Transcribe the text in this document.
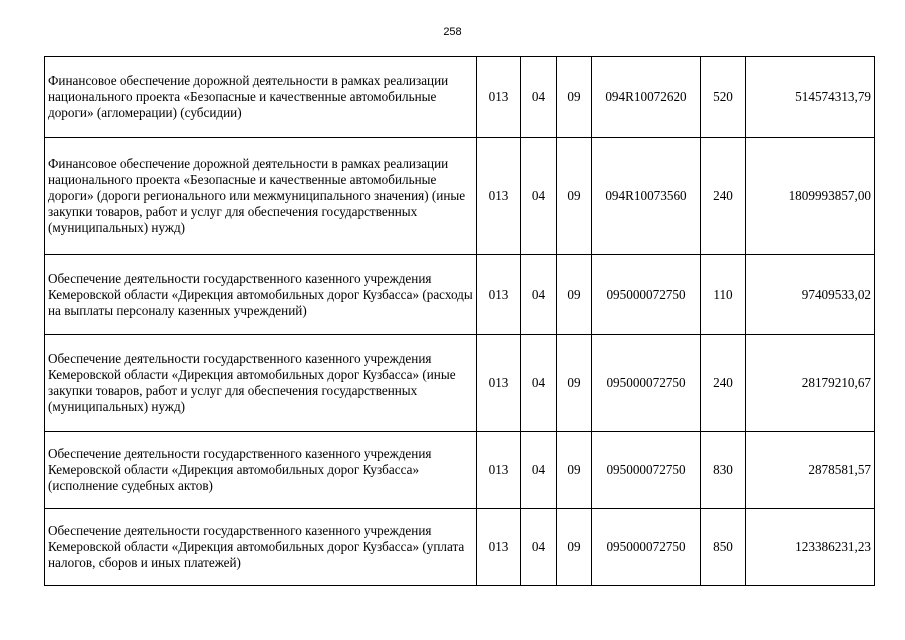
258
Финансовое обеспечение дорожной деятельности в рамках реализации национального проекта «Безопасные и качественные автомобильные дороги» (агломерации) (субсидии)	013	04	09	094R10072620	520	514574313,79
Финансовое обеспечение дорожной деятельности в рамках реализации национального проекта «Безопасные и качественные автомобильные дороги» (дороги регионального или межмуниципального значения) (иные закупки товаров, работ и услуг для обеспечения государственных (муниципальных) нужд)	013	04	09	094R10073560	240	1809993857,00
Обеспечение деятельности государственного казенного учреждения Кемеровской области «Дирекция автомобильных дорог Кузбасса» (расходы на выплаты персоналу казенных учреждений)	013	04	09	095000072750	110	97409533,02
Обеспечение деятельности государственного казенного учреждения Кемеровской области «Дирекция автомобильных дорог Кузбасса» (иные закупки товаров, работ и услуг для обеспечения государственных (муниципальных) нужд)	013	04	09	095000072750	240	28179210,67
Обеспечение деятельности государственного казенного учреждения Кемеровской области «Дирекция автомобильных дорог Кузбасса» (исполнение судебных актов)	013	04	09	095000072750	830	2878581,57
Обеспечение деятельности государственного казенного учреждения Кемеровской области «Дирекция автомобильных дорог Кузбасса» (уплата налогов, сборов и иных платежей)	013	04	09	095000072750	850	123386231,23
